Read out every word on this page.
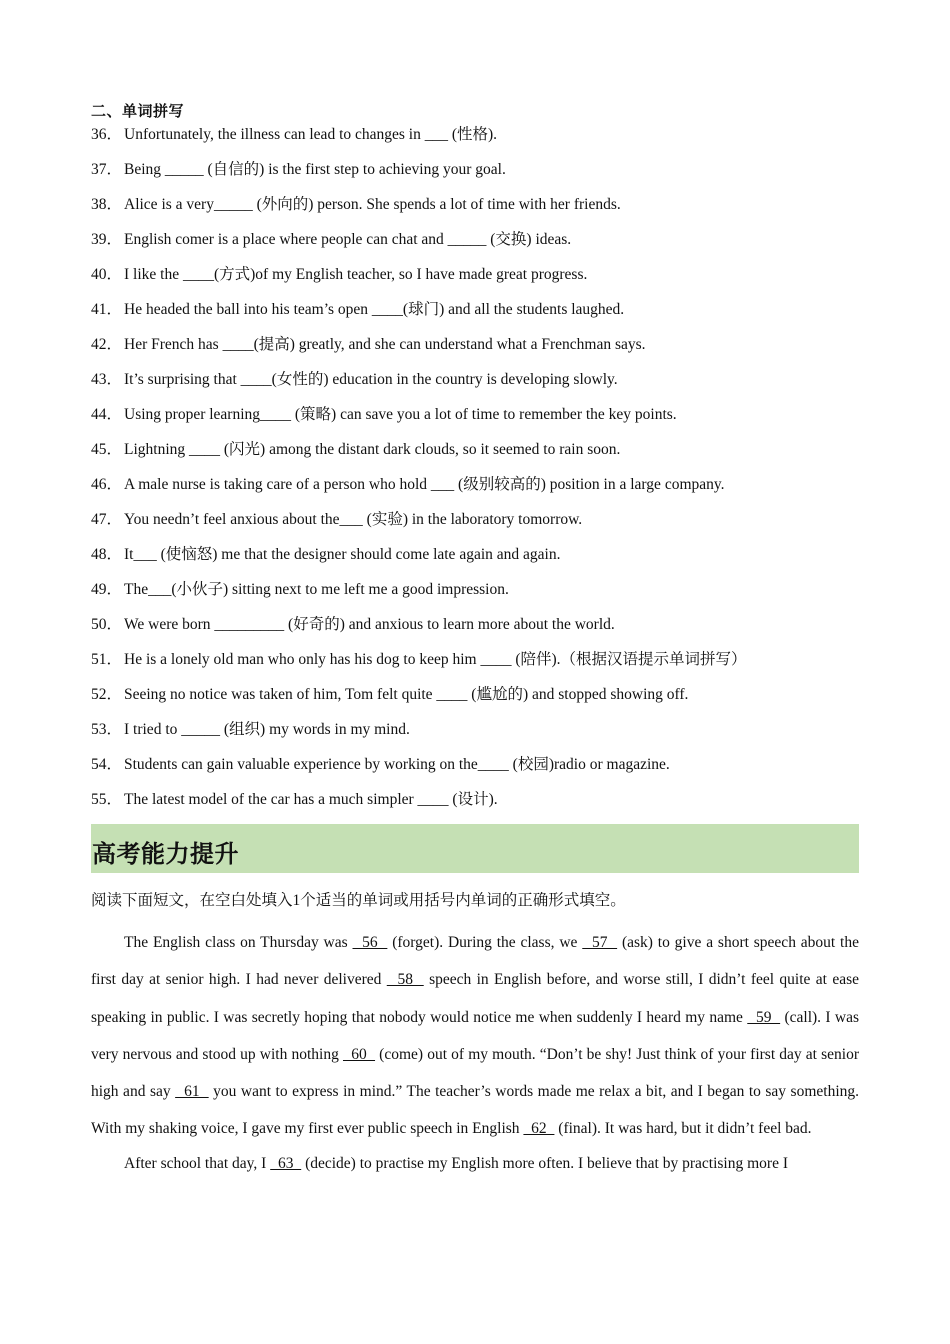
二、单词拼写
36． Unfortunately, the illness can lead to changes in ___ (性格).
37． Being _____ (自信的) is the first step to achieving your goal.
38． Alice is a very_____ (外向的) person. She spends a lot of time with her friends.
39． English comer is a place where people can chat and _____ (交换) ideas.
40． I like the ____(方式)of my English teacher, so I have made great progress.
41． He headed the ball into his team’s open ____(球门) and all the students laughed.
42． Her French has ____(提高) greatly, and she can understand what a Frenchman says.
43． It’s surprising that ____(女性的) education in the country is developing slowly.
44． Using proper learning____ (策略) can save you a lot of time to remember the key points.
45． Lightning ____ (闪光) among the distant dark clouds, so it seemed to rain soon.
46． A male nurse is taking care of a person who hold ___ (级别较高的) position in a large company.
47． You needn’t feel anxious about the___ (实验) in the laboratory tomorrow.
48． It___ (使恼怒) me that the designer should come late again and again.
49． The___(小伙子) sitting next to me left me a good impression.
50． We were born _________ (好奇的) and anxious to learn more about the world.
51． He is a lonely old man who only has his dog to keep him ____ (陪伴).（根据汉语提示单词拼写）
52． Seeing no notice was taken of him, Tom felt quite ____ (尴尬的) and stopped showing off.
53． I tried to _____ (组织) my words in my mind.
54． Students can gain valuable experience by working on the____ (校园)radio or magazine.
55． The latest model of the car has a much simpler ____ (设计).
高考能力提升
阅读下面短文，在空白处填入1个适当的单词或用括号内单词的正确形式填空。

The English class on Thursday was   56   (forget). During the class, we   57   (ask) to give a short speech about the first day at senior high. I had never delivered   58   speech in English before, and worse still, I didn’t feel quite at ease speaking in public. I was secretly hoping that nobody would notice me when suddenly I heard my name   59   (call). I was very nervous and stood up with nothing   60   (come) out of my mouth. “Don’t be shy! Just think of your first day at senior high and say   61   you want to express in mind.” The teacher’s words made me relax a bit, and I began to say something. With my shaking voice, I gave my first ever public speech in English   62   (final). It was hard, but it didn’t feel bad.

After school that day, I   63   (decide) to practise my English more often. I believe that by practising more I
